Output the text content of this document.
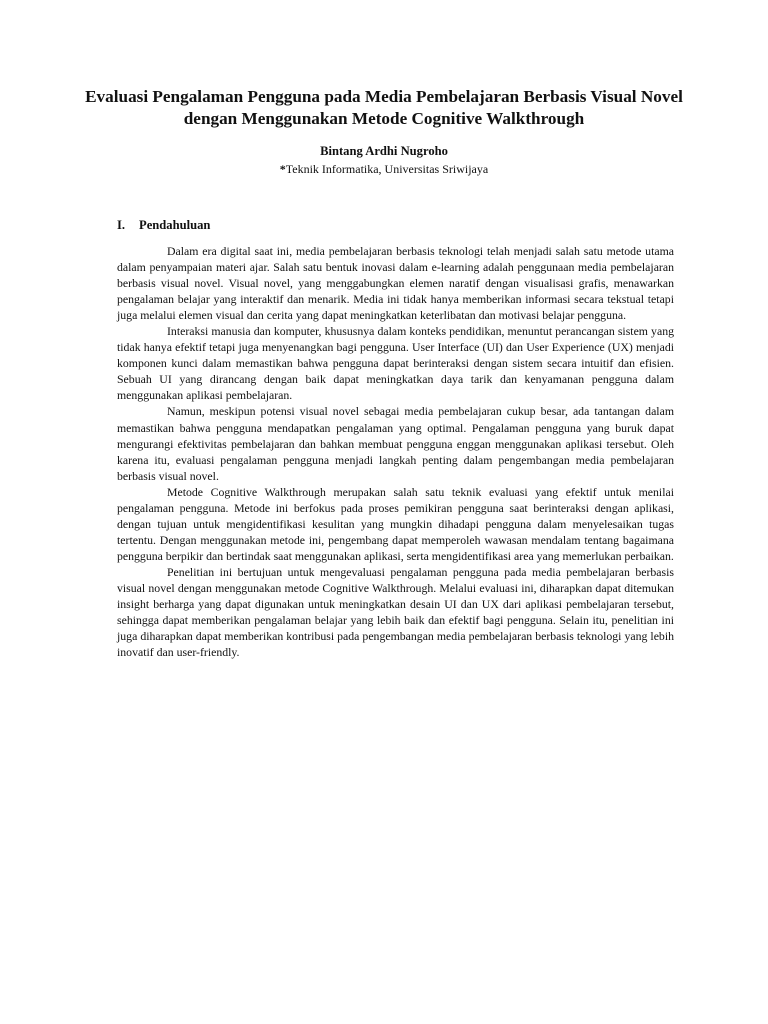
Evaluasi Pengalaman Pengguna pada Media Pembelajaran Berbasis Visual Novel dengan Menggunakan Metode Cognitive Walkthrough
Bintang Ardhi Nugroho
*Teknik Informatika, Universitas Sriwijaya
I. Pendahuluan

Dalam era digital saat ini, media pembelajaran berbasis teknologi telah menjadi salah satu metode utama dalam penyampaian materi ajar. Salah satu bentuk inovasi dalam e-learning adalah penggunaan media pembelajaran berbasis visual novel. Visual novel, yang menggabungkan elemen naratif dengan visualisasi grafis, menawarkan pengalaman belajar yang interaktif dan menarik. Media ini tidak hanya memberikan informasi secara tekstual tetapi juga melalui elemen visual dan cerita yang dapat meningkatkan keterlibatan dan motivasi belajar pengguna.

Interaksi manusia dan komputer, khususnya dalam konteks pendidikan, menuntut perancangan sistem yang tidak hanya efektif tetapi juga menyenangkan bagi pengguna. User Interface (UI) dan User Experience (UX) menjadi komponen kunci dalam memastikan bahwa pengguna dapat berinteraksi dengan sistem secara intuitif dan efisien. Sebuah UI yang dirancang dengan baik dapat meningkatkan daya tarik dan kenyamanan pengguna dalam menggunakan aplikasi pembelajaran.

Namun, meskipun potensi visual novel sebagai media pembelajaran cukup besar, ada tantangan dalam memastikan bahwa pengguna mendapatkan pengalaman yang optimal. Pengalaman pengguna yang buruk dapat mengurangi efektivitas pembelajaran dan bahkan membuat pengguna enggan menggunakan aplikasi tersebut. Oleh karena itu, evaluasi pengalaman pengguna menjadi langkah penting dalam pengembangan media pembelajaran berbasis visual novel.

Metode Cognitive Walkthrough merupakan salah satu teknik evaluasi yang efektif untuk menilai pengalaman pengguna. Metode ini berfokus pada proses pemikiran pengguna saat berinteraksi dengan aplikasi, dengan tujuan untuk mengidentifikasi kesulitan yang mungkin dihadapi pengguna dalam menyelesaikan tugas tertentu. Dengan menggunakan metode ini, pengembang dapat memperoleh wawasan mendalam tentang bagaimana pengguna berpikir dan bertindak saat menggunakan aplikasi, serta mengidentifikasi area yang memerlukan perbaikan.

Penelitian ini bertujuan untuk mengevaluasi pengalaman pengguna pada media pembelajaran berbasis visual novel dengan menggunakan metode Cognitive Walkthrough. Melalui evaluasi ini, diharapkan dapat ditemukan insight berharga yang dapat digunakan untuk meningkatkan desain UI dan UX dari aplikasi pembelajaran tersebut, sehingga dapat memberikan pengalaman belajar yang lebih baik dan efektif bagi pengguna. Selain itu, penelitian ini juga diharapkan dapat memberikan kontribusi pada pengembangan media pembelajaran berbasis teknologi yang lebih inovatif dan user-friendly.
